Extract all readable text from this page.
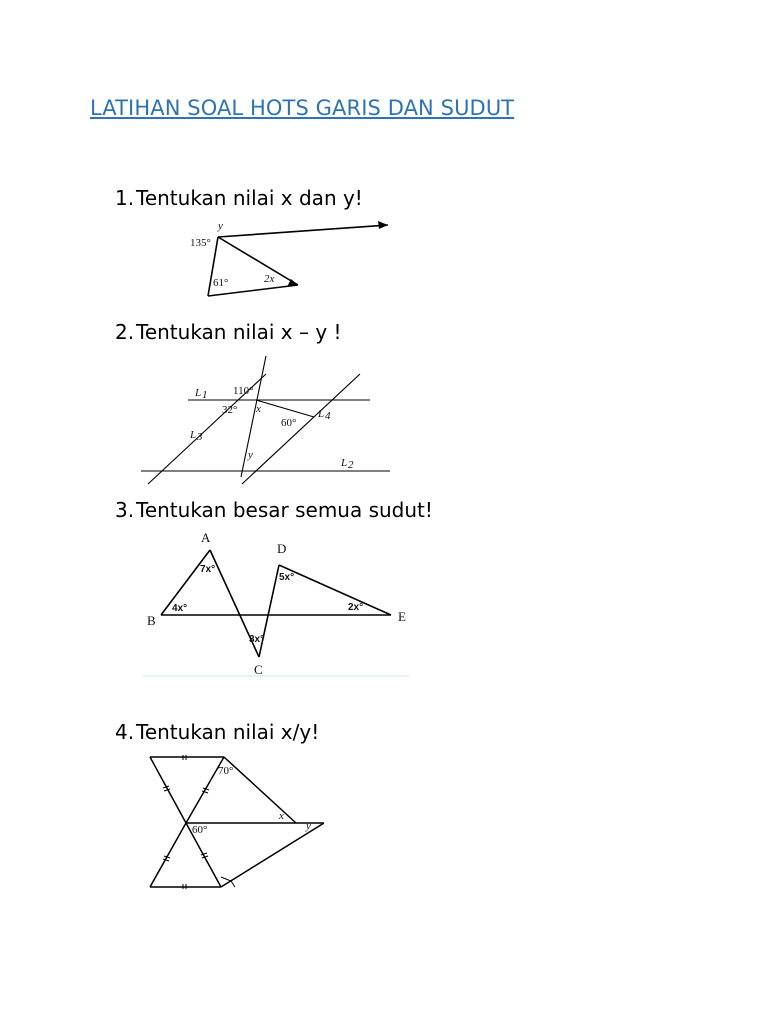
LATIHAN SOAL HOTS GARIS DAN SUDUT
1.Tentukan nilai x dan y!
y
135°
61°	2x
2.Tentukan nilai x – y !
L 1 110°
32° x
60°
L 4
L 3
y
L 2
3.Tentukan besar semua sudut!
A
B
C
D
E
7x°
4x°
3x°
5x°
2x°
4.Tentukan nilai x/y!
70°
60°
x
y
